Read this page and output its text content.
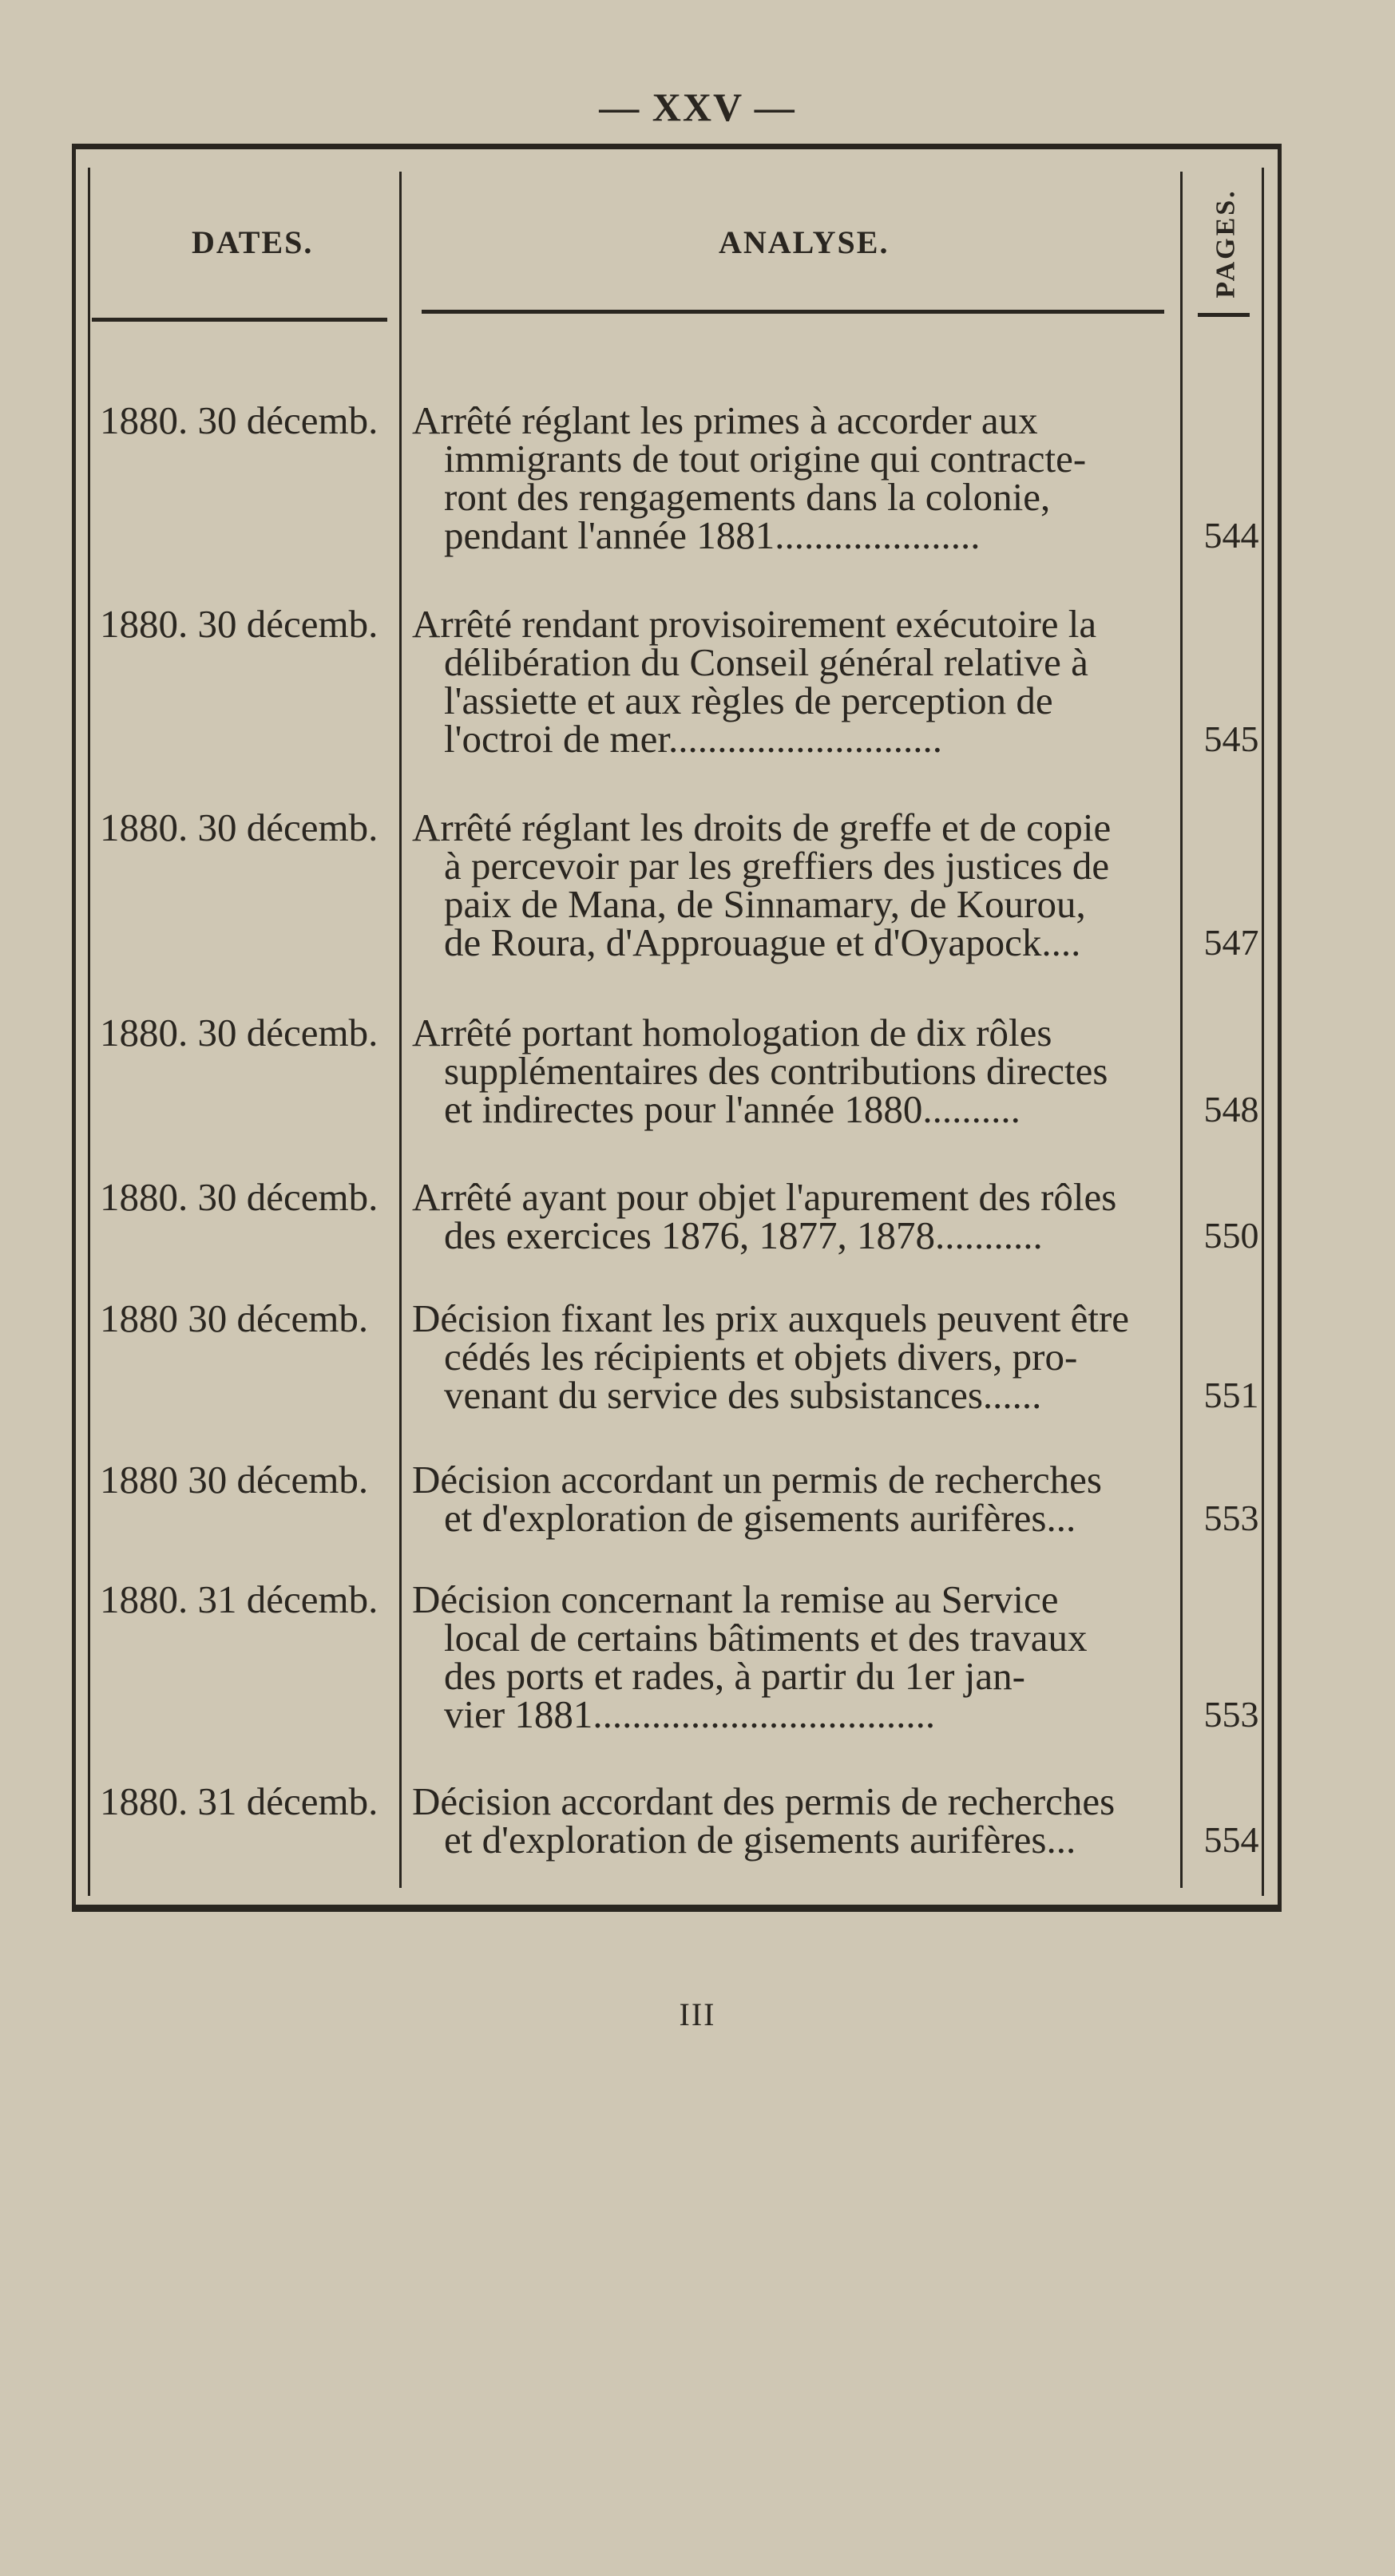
— XXV —
DATES.	ANALYSE.	PAGES.
1880. 30 décemb. Arrêté réglant les primes à accorder aux
immigrants de tout origine qui contracte-
ront des rengagements dans la colonie,
pendant l'année 1881.....................	544
1880. 30 décemb. Arrêté rendant provisoirement exécutoire la
délibération du Conseil général relative à
l'assiette et aux règles de perception de
l'octroi de mer............................	545
1880. 30 décemb. Arrêté réglant les droits de greffe et de copie
à percevoir par les greffiers des justices de
paix de Mana, de Sinnamary, de Kourou,
de Roura, d'Approuague et d'Oyapock....	547
1880. 30 décemb. Arrêté portant homologation de dix rôles
supplémentaires des contributions directes
et indirectes pour l'année 1880..........	548
1880. 30 décemb. Arrêté ayant pour objet l'apurement des rôles
des exercices 1876, 1877, 1878...........	550
1880 30 décemb.	Décision fixant les prix auxquels peuvent être
cédés les récipients et objets divers, pro-
venant du service des subsistances......	551
1880 30 décemb.	Décision accordant un permis de recherches
et d'exploration de gisements aurifères...	553
1880. 31 décemb. Décision concernant la remise au Service
local de certains bâtiments et des travaux
des ports et rades, à partir du 1er jan-
vier 1881...................................	553
1880. 31 décemb. Décision accordant des permis de recherches
et d'exploration de gisements aurifères...	554
III
